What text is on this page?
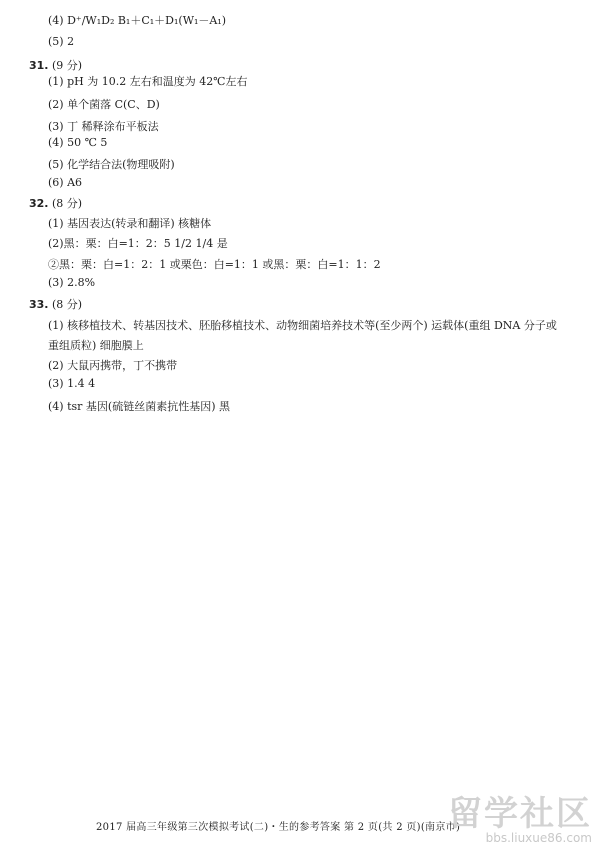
(4) D⁺/W₁D₂ B₁＋C₁＋D₁(W₁－A₁)
(5) 2
31. (9 分)
(1) pH 为 10.2 左右和温度为 42℃左右
(2) 单个菌落 C(C、D)
(3) 丁 稀释涂布平板法
(4) 50 ℃ 5
(5) 化学结合法(物理吸附)
(6) A6
32. (8 分)
(1) 基因表达(转录和翻译) 核糖体
(2)黑：栗：白=1：2：5 1/2 1/4 是
②黑：栗：白=1：2：1 或栗色：白=1：1 或黑：栗：白=1：1：2
(3) 2.8%
33. (8 分)
(1) 核移植技术、转基因技术、胚胎移植技术、动物细菌培养技术等(至少两个) 运载体(重组 DNA 分子或
重组质粒) 细胞膜上
(2) 大鼠丙携带，丁不携带
(3) 1.4 4
(4) tsr 基因(硫链丝菌素抗性基因) 黑
2017 届高三年级第三次模拟考试(二)・生的参考答案 第 2 页(共 2 页)(南京市)
留学社区
bbs.liuxue86.com
